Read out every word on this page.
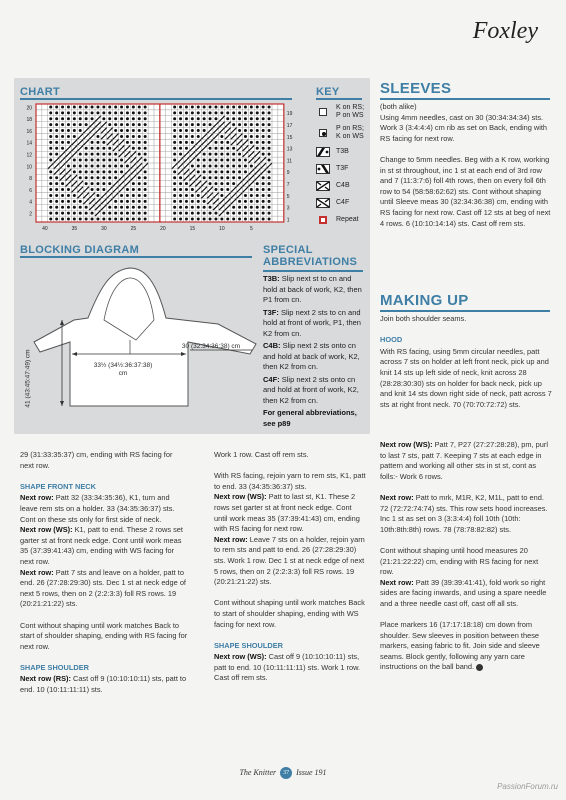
Foxley
CHART
20
18
16
14
12
10
8
6
4
2
19
17
15
13
11
9
7
5
3
1
40	35	30	25	20	15	10	5
KEY
K on RS; P on WS
P on RS; K on WS
T3B
T3F
C4B
C4F
Repeat
BLOCKING DIAGRAM
33½ (34½:36:37:38) cm
30 (32:34:36:38) cm
41 (43:45:47:49) cm
SPECIAL ABBREVIATIONS

T3B: Slip next st to cn and hold at back of work, K2, then P1 from cn.

T3F: Slip next 2 sts to cn and hold at front of work, P1, then K2 from cn.

C4B: Slip next 2 sts onto cn and hold at back of work, K2, then K2 from cn.

C4F: Slip next 2 sts onto cn and hold at front of work, K2, then K2 from cn.

For general abbreviations, see p89

SLEEVES

(both alike)

Using 4mm needles, cast on 30 (30:34:34:34) sts. Work 3 (3:4:4:4) cm rib as set on Back, ending with RS facing for next row.

Change to 5mm needles. Beg with a K row, working in st st throughout, inc 1 st at each end of 3rd row and 7 (11:3:7:6) foll 4th rows, then on every foll 6th row to 54 (58:58:62:62) sts. Cont without shaping until Sleeve meas 30 (32:34:36:38) cm, ending with RS facing for next row. Cast off 12 sts at beg of next 4 rows. 6 (10:10:14:14) sts. Cast off rem sts.

MAKING UP

Join both shoulder seams.

HOOD

With RS facing, using 5mm circular needles, patt across 7 sts on holder at left front neck, pick up and knit 14 sts up left side of neck, knit across 28 (28:28:30:30) sts on holder for back neck, pick up and knit 14 sts down right side of neck, patt across 7 sts at right front neck. 70 (70:70:72:72) sts.

29 (31:33:35:37) cm, ending with RS facing for next row.

SHAPE FRONT NECK

Next row: Patt 32 (33:34:35:36), K1, turn and leave rem sts on a holder. 33 (34:35:36:37) sts. Cont on these sts only for first side of neck.

Next row (WS): K1, patt to end. These 2 rows set garter st at front neck edge. Cont until work meas 35 (37:39:41:43) cm, ending with WS facing for next row.

Next row: Patt 7 sts and leave on a holder, patt to end. 26 (27:28:29:30) sts. Dec 1 st at neck edge of next 5 rows, then on 2 (2:2:3:3) foll RS rows. 19 (20:21:21:22) sts.

Cont without shaping until work matches Back to start of shoulder shaping, ending with RS facing for next row.

SHAPE SHOULDER

Next row (RS): Cast off 9 (10:10:10:11) sts, patt to end. 10 (10:11:11:11) sts.

Work 1 row. Cast off rem sts.

With RS facing, rejoin yarn to rem sts, K1, patt to end. 33 (34:35:36:37) sts.

Next row (WS): Patt to last st, K1. These 2 rows set garter st at front neck edge. Cont until work meas 35 (37:39:41:43) cm, ending with RS facing for next row.

Next row: Leave 7 sts on a holder, rejoin yarn to rem sts and patt to end. 26 (27:28:29:30) sts. Work 1 row. Dec 1 st at neck edge of next 5 rows, then on 2 (2:2:3:3) foll RS rows. 19 (20:21:21:22) sts.

Cont without shaping until work matches Back to start of shoulder shaping, ending with WS facing for next row.

SHAPE SHOULDER

Next row (WS): Cast off 9 (10:10:10:11) sts, patt to end. 10 (10:11:11:11) sts. Work 1 row. Cast off rem sts.

Next row (WS): Patt 7, P27 (27:27:28:28), pm, purl to last 7 sts, patt 7. Keeping 7 sts at each edge in pattern and working all other sts in st st, cont as folls:- Work 6 rows.

Next row: Patt to mrk, M1R, K2, M1L, patt to end. 72 (72:72:74:74) sts. This row sets hood increases. Inc 1 st as set on 3 (3:3:4:4) foll 10th (10th: 10th:8th:8th) rows. 78 (78:78:82:82) sts.

Cont without shaping until hood measures 20 (21:21:22:22) cm, ending with RS facing for next row.

Next row: Patt 39 (39:39:41:41), fold work so right sides are facing inwards, and using a spare needle and a three needle cast off, cast off all sts.

Place markers 16 (17:17:18:18) cm down from shoulder. Sew sleeves in position between these markers, easing fabric to fit. Join side and sleeve seams. Block gently, following any yarn care instructions on the ball band.

The Knitter 37 Issue 191
PassionForum.ru
